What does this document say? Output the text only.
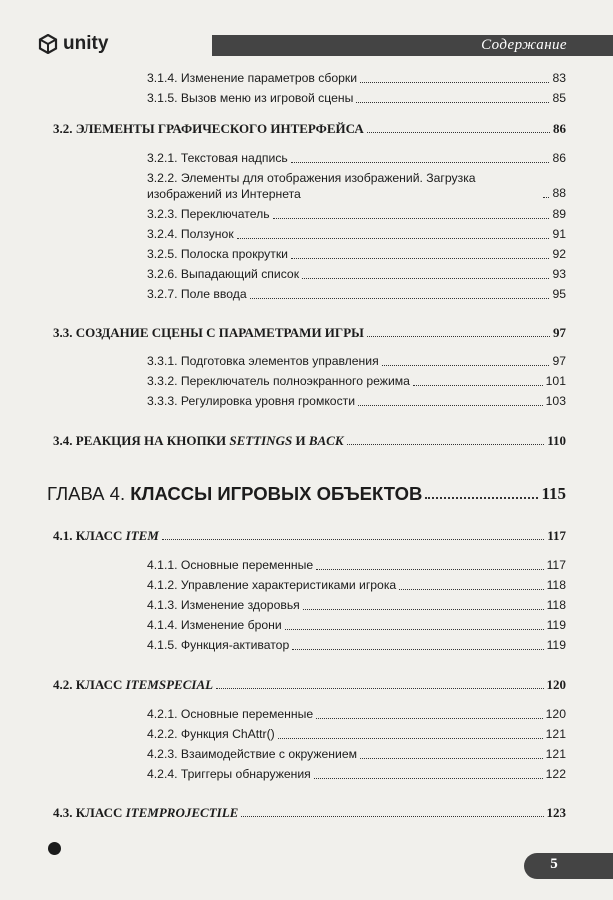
unity	Содержание
3.1.4. Изменение параметров сборки	83
3.1.5. Вызов меню из игровой сцены	85
3.2. ЭЛЕМЕНТЫ ГРАФИЧЕСКОГО ИНТЕРФЕЙСА	86
3.2.1. Текстовая надпись	86
3.2.2. Элементы для отображения изображений. Загрузка изображений из Интернета	88
3.2.3. Переключатель	89
3.2.4. Ползунок	91
3.2.5. Полоска прокрутки	92
3.2.6. Выпадающий список	93
3.2.7. Поле ввода	95
3.3. СОЗДАНИЕ СЦЕНЫ С ПАРАМЕТРАМИ ИГРЫ	97
3.3.1. Подготовка элементов управления	97
3.3.2. Переключатель полноэкранного режима	101
3.3.3. Регулировка уровня громкости	103
3.4. РЕАКЦИЯ НА КНОПКИ SETTINGS И BACK	110
ГЛАВА 4. КЛАССЫ ИГРОВЫХ ОБЪЕКТОВ	115
4.1. КЛАСС ITEM	117
4.1.1. Основные переменные	117
4.1.2. Управление характеристиками игрока	118
4.1.3. Изменение здоровья	118
4.1.4. Изменение брони	119
4.1.5. Функция-активатор	119
4.2. КЛАСС ITEMSPECIAL	120
4.2.1. Основные переменные	120
4.2.2. Функция ChAttr()	121
4.2.3. Взаимодействие с окружением	121
4.2.4. Триггеры обнаружения	122
4.3. КЛАСС ITEMPROJECTILE	123
5
